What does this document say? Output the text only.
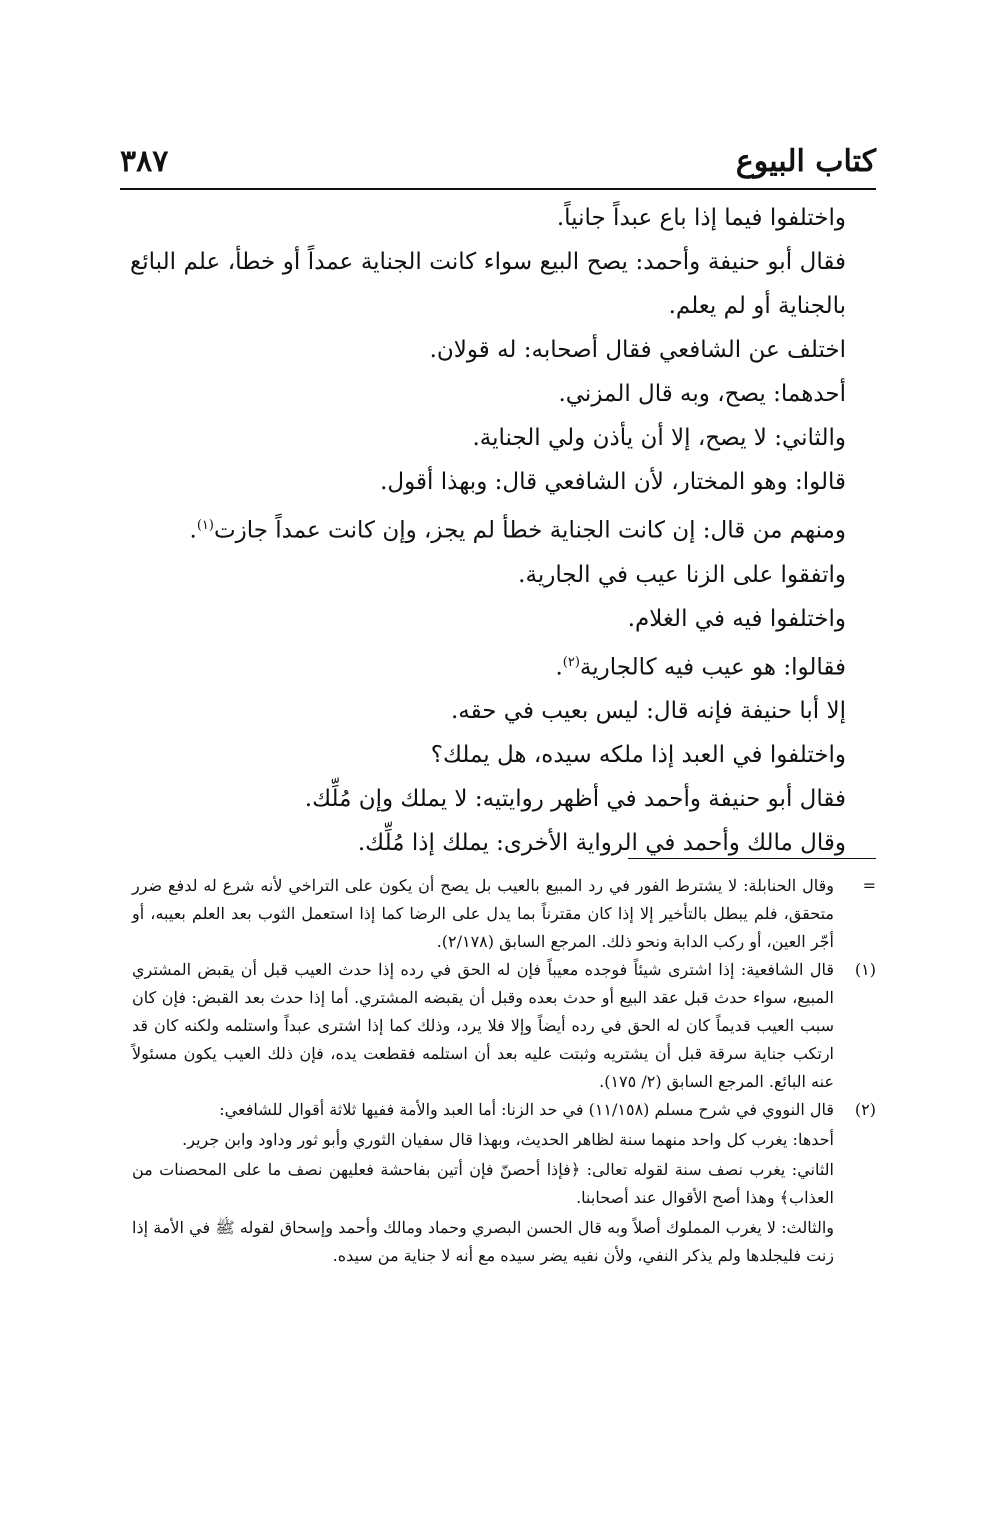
كتاب البيوع
٣٨٧

واختلفوا فيما إذا باع عبداً جانياً.

فقال أبو حنيفة وأحمد: يصح البيع سواء كانت الجناية عمداً أو خطأ، علم البائع بالجناية أو لم يعلم.

اختلف عن الشافعي فقال أصحابه: له قولان.

أحدهما: يصح، وبه قال المزني.

والثاني: لا يصح، إلا أن يأذن ولي الجناية.

قالوا: وهو المختار، لأن الشافعي قال: وبهذا أقول.

ومنهم من قال: إن كانت الجناية خطأ لم يجز، وإن كانت عمداً جازت$^{(١)}$.

واتفقوا على الزنا عيب في الجارية.

واختلفوا فيه في الغلام.

فقالوا: هو عيب فيه كالجارية$^{(٢)}$.

إلا أبا حنيفة فإنه قال: ليس بعيب في حقه.

واختلفوا في العبد إذا ملكه سيده، هل يملك؟

فقال أبو حنيفة وأحمد في أظهر روايتيه: لا يملك وإن مُلِّك.

وقال مالك وأحمد في الرواية الأخرى: يملك إذا مُلِّك.

=

وقال الحنابلة: لا يشترط الفور في رد المبيع بالعيب بل يصح أن يكون على التراخي لأنه شرع له لدفع ضرر متحقق، فلم يبطل بالتأخير إلا إذا كان مقترناً بما يدل على الرضا كما إذا استعمل الثوب بعد العلم بعيبه، أو أجّر العين، أو ركب الدابة ونحو ذلك. المرجع السابق (٢/١٧٨).

(١)

قال الشافعية: إذا اشترى شيئاً فوجده معيباً فإن له الحق في رده إذا حدث العيب قبل أن يقبض المشتري المبيع، سواء حدث قبل عقد البيع أو حدث بعده وقبل أن يقبضه المشتري. أما إذا حدث بعد القبض: فإن كان سبب العيب قديماً كان له الحق في رده أيضاً وإلا فلا يرد، وذلك كما إذا اشترى عبداً واستلمه ولكنه كان قد ارتكب جناية سرقة قبل أن يشتريه وثبتت عليه بعد أن استلمه فقطعت يده، فإن ذلك العيب يكون مسئولاً عنه البائع. المرجع السابق (٢/ ١٧٥).

(٢)

قال النووي في شرح مسلم (١١/١٥٨) في حد الزنا: أما العبد والأمة ففيها ثلاثة أقوال للشافعي:

أحدها: يغرب كل واحد منهما سنة لظاهر الحديث، وبهذا قال سفيان الثوري وأبو ثور وداود وابن جرير.

الثاني: يغرب نصف سنة لقوله تعالى: ﴿فإذا أحصنّ فإن أتين بفاحشة فعليهن نصف ما على المحصنات من العذاب﴾ وهذا أصح الأقوال عند أصحابنا.

والثالث: لا يغرب المملوك أصلاً وبه قال الحسن البصري وحماد ومالك وأحمد وإسحاق لقوله ﷺ في الأمة إذا زنت فليجلدها ولم يذكر النفي، ولأن نفيه يضر سيده مع أنه لا جناية من سيده.
